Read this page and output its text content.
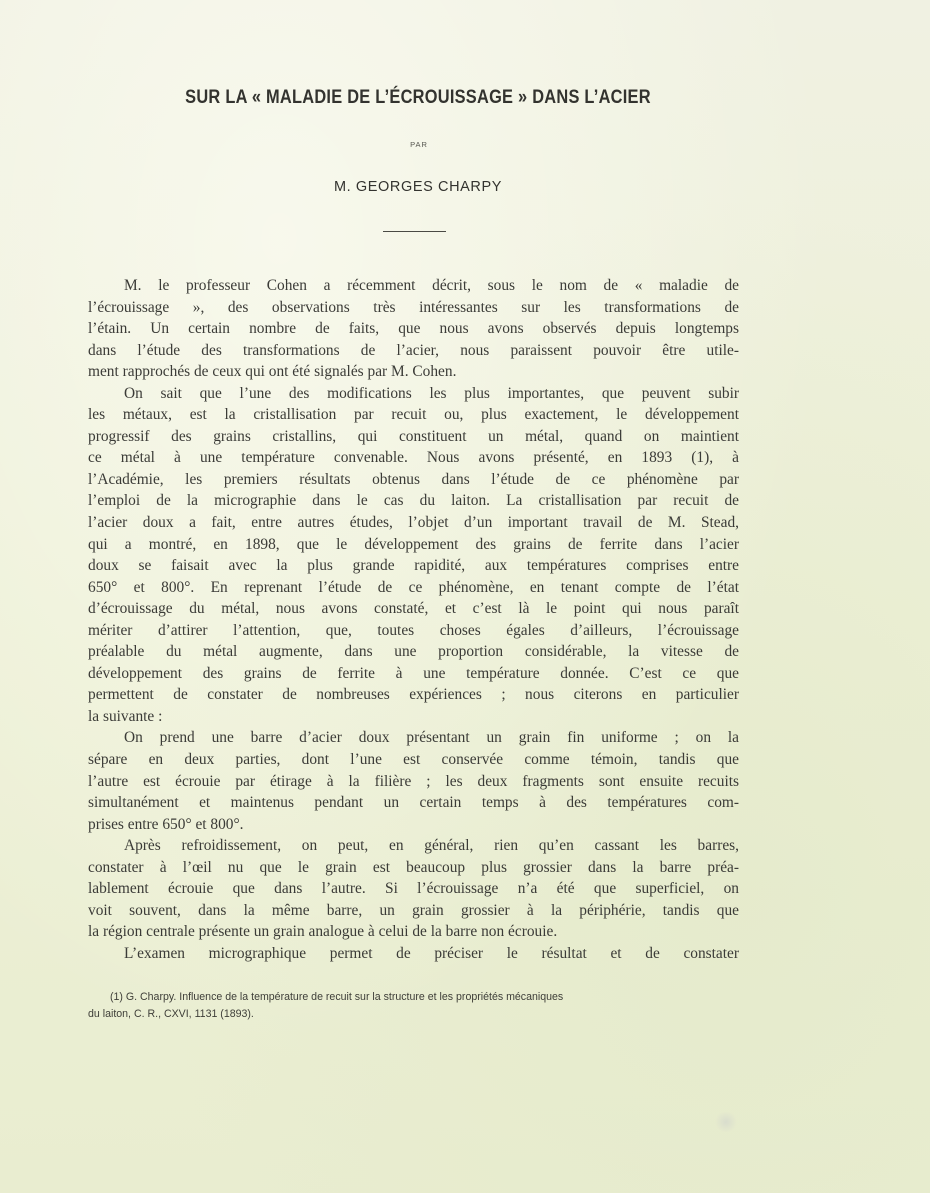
SUR LA « MALADIE DE L’ÉCROUISSAGE » DANS L’ACIER
PAR
M. GEORGES CHARPY
M. le professeur Cohen a récemment décrit, sous le nom de « maladie de
l’écrouissage », des observations très intéressantes sur les transformations de
l’étain. Un certain nombre de faits, que nous avons observés depuis longtemps
dans l’étude des transformations de l’acier, nous paraissent pouvoir être utile-
ment rapprochés de ceux qui ont été signalés par M. Cohen.
On sait que l’une des modifications les plus importantes, que peuvent subir
les métaux, est la cristallisation par recuit ou, plus exactement, le développement
progressif des grains cristallins, qui constituent un métal, quand on maintient
ce métal à une température convenable. Nous avons présenté, en 1893 (1), à
l’Académie, les premiers résultats obtenus dans l’étude de ce phénomène par
l’emploi de la micrographie dans le cas du laiton. La cristallisation par recuit de
l’acier doux a fait, entre autres études, l’objet d’un important travail de M. Stead,
qui a montré, en 1898, que le développement des grains de ferrite dans l’acier
doux se faisait avec la plus grande rapidité, aux températures comprises entre
650° et 800°. En reprenant l’étude de ce phénomène, en tenant compte de l’état
d’écrouissage du métal, nous avons constaté, et c’est là le point qui nous paraît
mériter d’attirer l’attention, que, toutes choses égales d’ailleurs, l’écrouissage
préalable du métal augmente, dans une proportion considérable, la vitesse de
développement des grains de ferrite à une température donnée. C’est ce que
permettent de constater de nombreuses expériences ; nous citerons en particulier
la suivante :
On prend une barre d’acier doux présentant un grain fin uniforme ; on la
sépare en deux parties, dont l’une est conservée comme témoin, tandis que
l’autre est écrouie par étirage à la filière ; les deux fragments sont ensuite recuits
simultanément et maintenus pendant un certain temps à des températures com-
prises entre 650° et 800°.
Après refroidissement, on peut, en général, rien qu’en cassant les barres,
constater à l’œil nu que le grain est beaucoup plus grossier dans la barre préa-
lablement écrouie que dans l’autre. Si l’écrouissage n’a été que superficiel, on
voit souvent, dans la même barre, un grain grossier à la périphérie, tandis que
la région centrale présente un grain analogue à celui de la barre non écrouie.
L’examen micrographique permet de préciser le résultat et de constater
(1) G. Charpy. Influence de la température de recuit sur la structure et les propriétés mécaniques
du laiton, C. R., CXVI, 1131 (1893).
